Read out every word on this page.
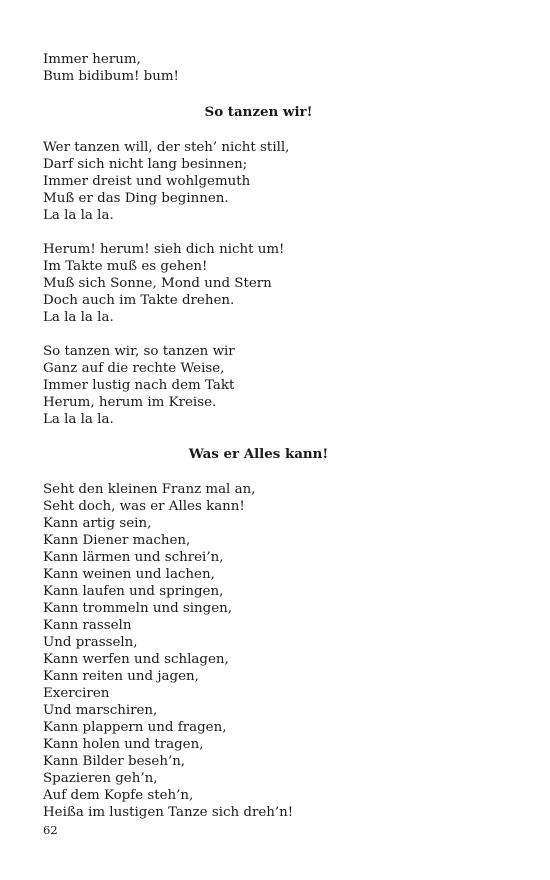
Immer herum,
Bum bidibum! bum!
So tanzen wir!
Wer tanzen will, der steh’ nicht still,
Darf sich nicht lang besinnen;
Immer dreist und wohlgemuth
Muß er das Ding beginnen.
La la la la.
Herum! herum! sieh dich nicht um!
Im Takte muß es gehen!
Muß sich Sonne, Mond und Stern
Doch auch im Takte drehen.
La la la la.
So tanzen wir, so tanzen wir
Ganz auf die rechte Weise,
Immer lustig nach dem Takt
Herum, herum im Kreise.
La la la la.
Was er Alles kann!
Seht den kleinen Franz mal an,
Seht doch, was er Alles kann!
Kann artig sein,
Kann Diener machen,
Kann lärmen und schrei’n,
Kann weinen und lachen,
Kann laufen und springen,
Kann trommeln und singen,
Kann rasseln
Und prasseln,
Kann werfen und schlagen,
Kann reiten und jagen,
Exerciren
Und marschiren,
Kann plappern und fragen,
Kann holen und tragen,
Kann Bilder beseh’n,
Spazieren geh’n,
Auf dem Kopfe steh’n,
Heißa im lustigen Tanze sich dreh’n!
62
